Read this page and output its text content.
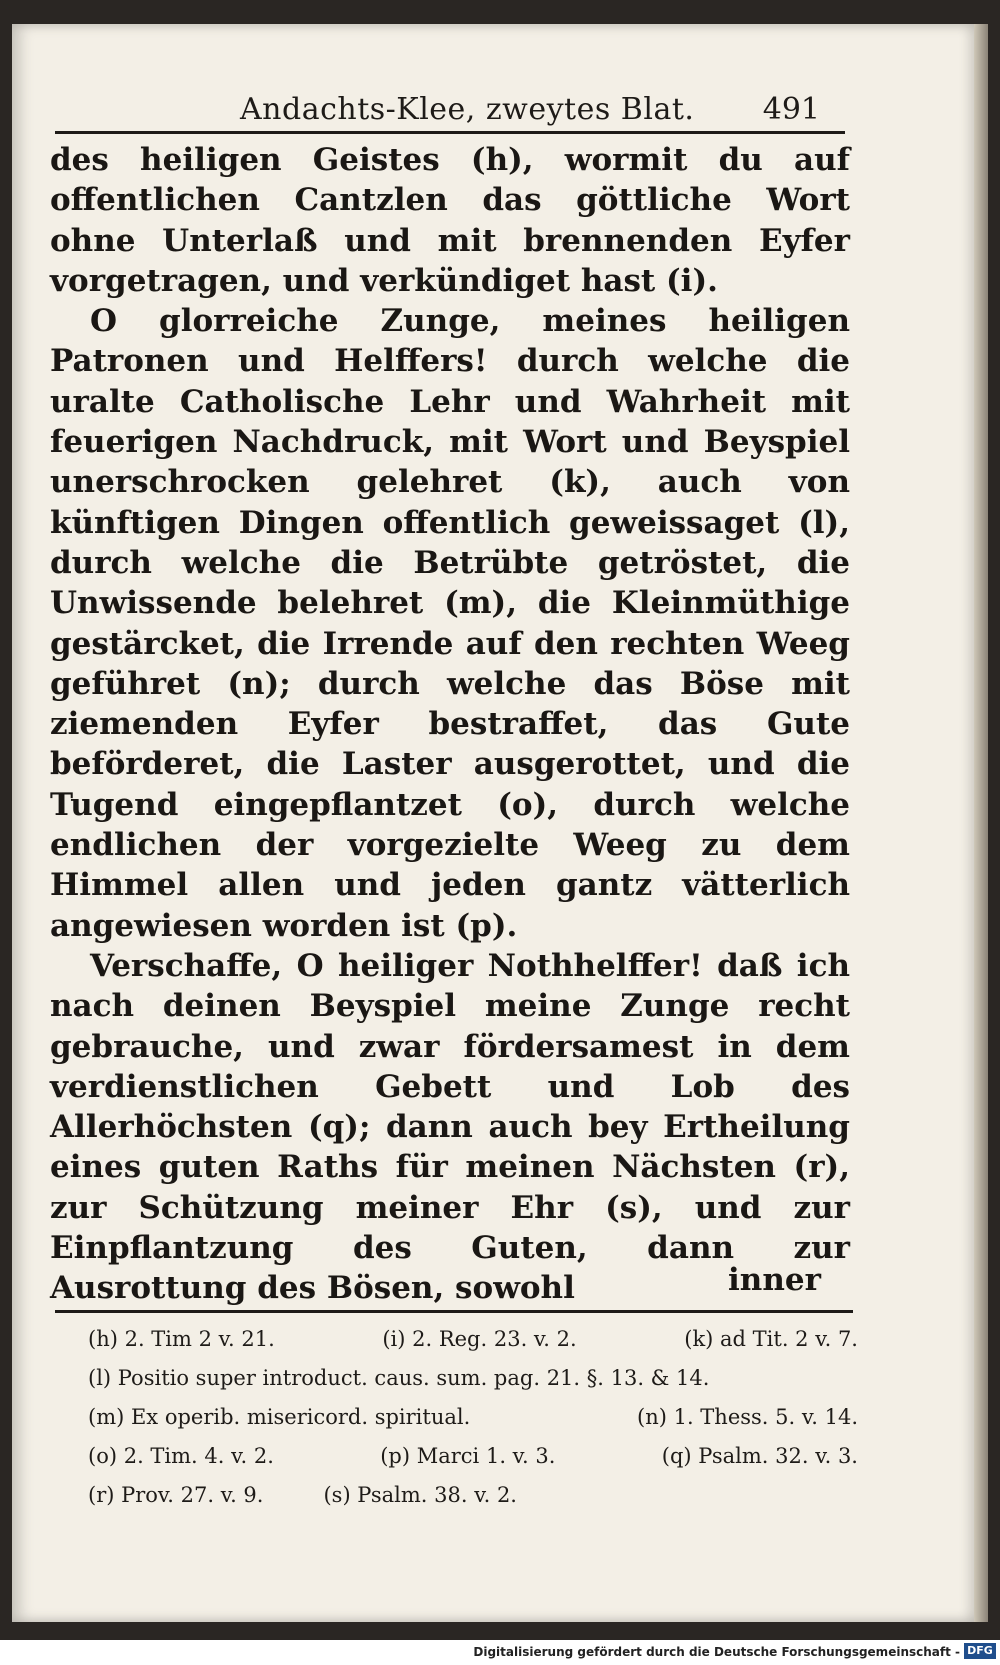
Andachts-Klee, zweytes Blat. 491

des heiligen Geistes (h), wormit du auf offentlichen Cantzlen das göttliche Wort ohne Unterlaß und mit brennenden Eyfer vorgetragen, und verkündiget hast (i).

O glorreiche Zunge, meines heiligen Patronen und Helffers! durch welche die uralte Catholische Lehr und Wahrheit mit feuerigen Nachdruck, mit Wort und Beyspiel unerschrocken gelehret (k), auch von künftigen Dingen offentlich geweissaget (l), durch welche die Betrübte getröstet, die Unwissende belehret (m), die Kleinmüthige gestärcket, die Irrende auf den rechten Weeg geführet (n); durch welche das Böse mit ziemenden Eyfer bestraffet, das Gute beförderet, die Laster ausgerottet, und die Tugend eingepflantzet (o), durch welche endlichen der vorgezielte Weeg zu dem Himmel allen und jeden gantz vätterlich angewiesen worden ist (p).

Verschaffe, O heiliger Nothhelffer! daß ich nach deinen Beyspiel meine Zunge recht gebrauche, und zwar fördersamest in dem verdienstlichen Gebett und Lob des Allerhöchsten (q); dann auch bey Ertheilung eines guten Raths für meinen Nächsten (r), zur Schützung meiner Ehr (s), und zur Einpflantzung des Guten, dann zur Ausrottung des Bösen, sowohl	inner
(h) 2. Tim 2 v. 21.	(i) 2. Reg. 23. v. 2.	(k) ad Tit. 2 v. 7.
(l) Positio super introduct. caus. sum. pag. 21. §. 13. & 14.
(m) Ex operib. misericord. spiritual.	(n) 1. Thess. 5. v. 14.
(o) 2. Tim. 4. v. 2.	(p) Marci 1. v. 3.	(q) Psalm. 32. v. 3.
(r) Prov. 27. v. 9.	(s) Psalm. 38. v. 2.
Digitalisierung gefördert durch die Deutsche Forschungsgemeinschaft - DFG
